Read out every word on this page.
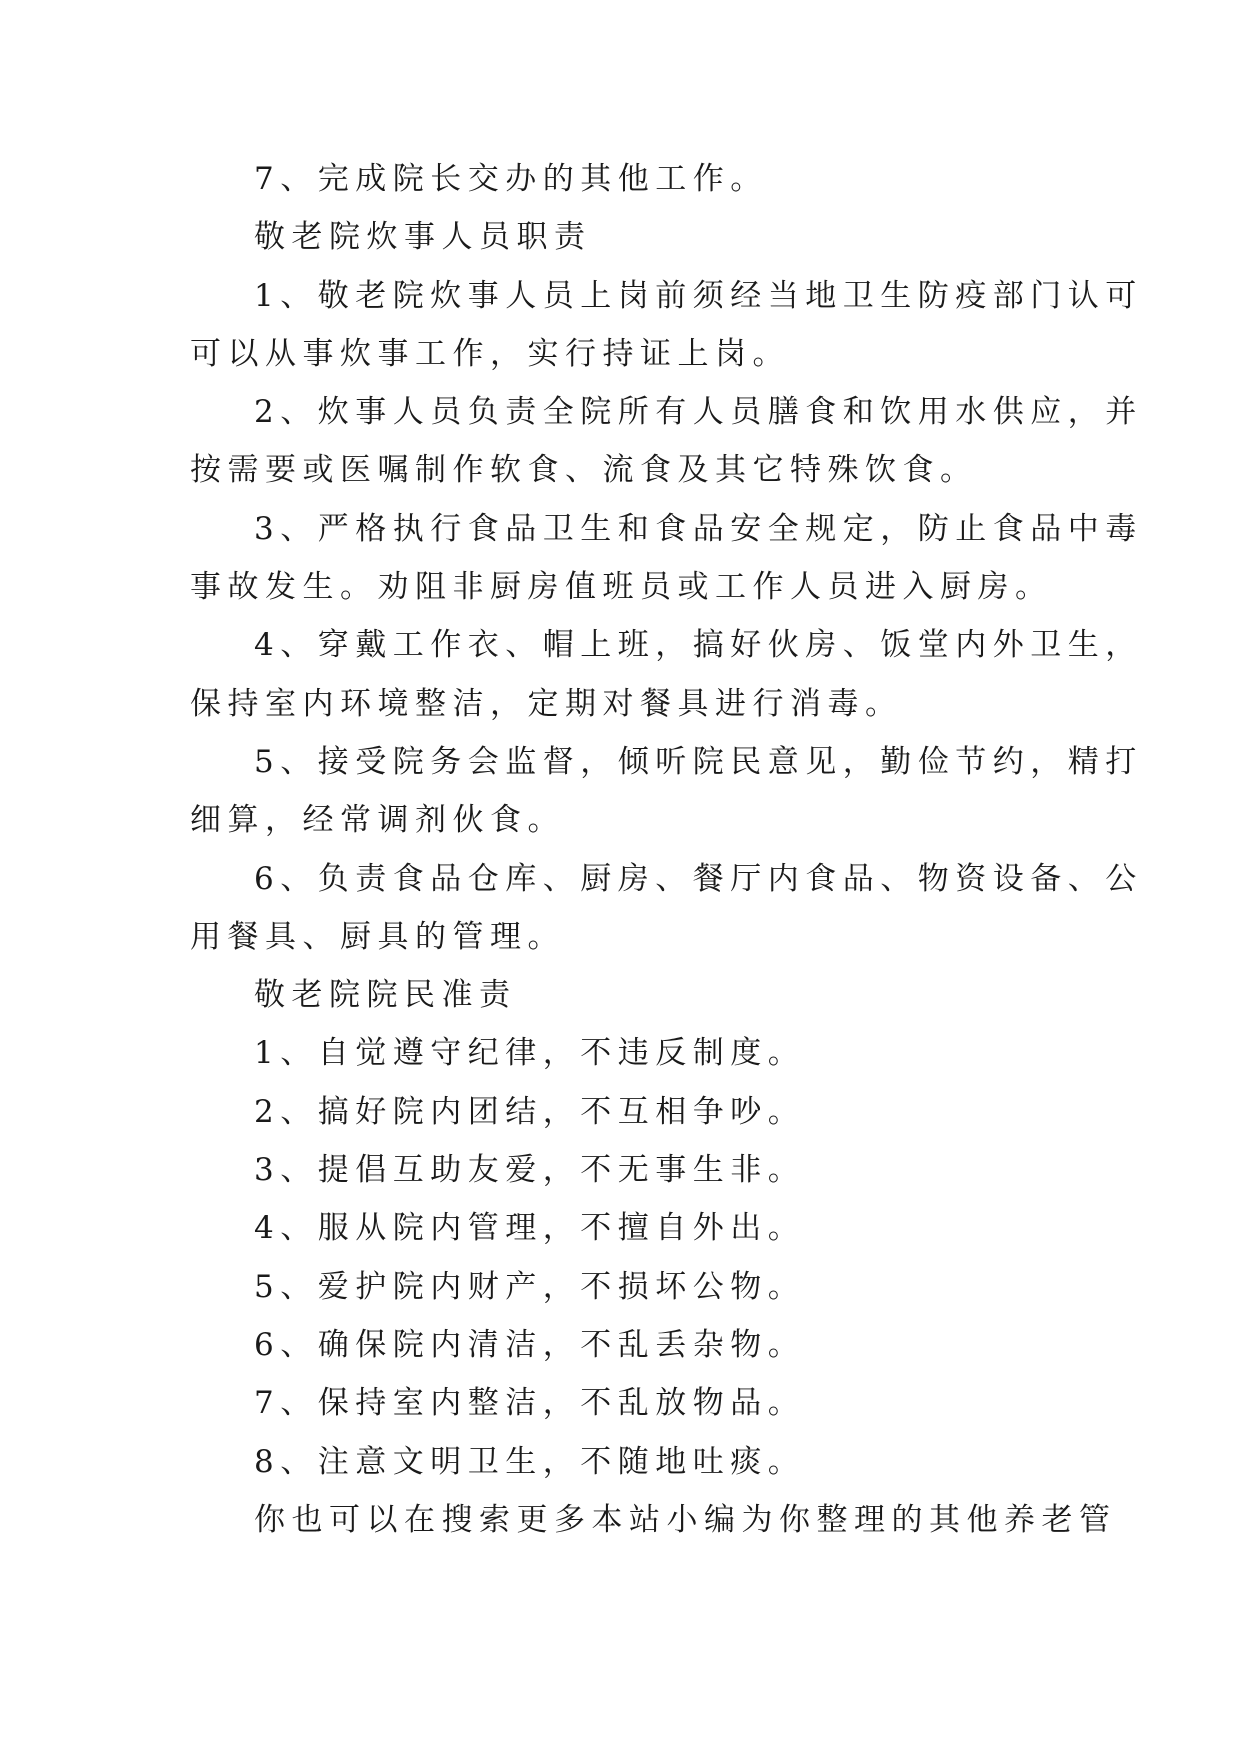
7、完成院长交办的其他工作。
敬老院炊事人员职责
1、敬老院炊事人员上岗前须经当地卫生防疫部门认可
可以从事炊事工作，实行持证上岗。
2、炊事人员负责全院所有人员膳食和饮用水供应，并
按需要或医嘱制作软食、流食及其它特殊饮食。
3、严格执行食品卫生和食品安全规定，防止食品中毒
事故发生。劝阻非厨房值班员或工作人员进入厨房。
4、穿戴工作衣、帽上班，搞好伙房、饭堂内外卫生，
保持室内环境整洁，定期对餐具进行消毒。
5、接受院务会监督，倾听院民意见，勤俭节约，精打
细算，经常调剂伙食。
6、负责食品仓库、厨房、餐厅内食品、物资设备、公
用餐具、厨具的管理。
敬老院院民准责
1、自觉遵守纪律，不违反制度。
2、搞好院内团结，不互相争吵。
3、提倡互助友爱，不无事生非。
4、服从院内管理，不擅自外出。
5、爱护院内财产，不损坏公物。
6、确保院内清洁，不乱丢杂物。
7、保持室内整洁，不乱放物品。
8、注意文明卫生，不随地吐痰。
你也可以在搜索更多本站小编为你整理的其他养老管
